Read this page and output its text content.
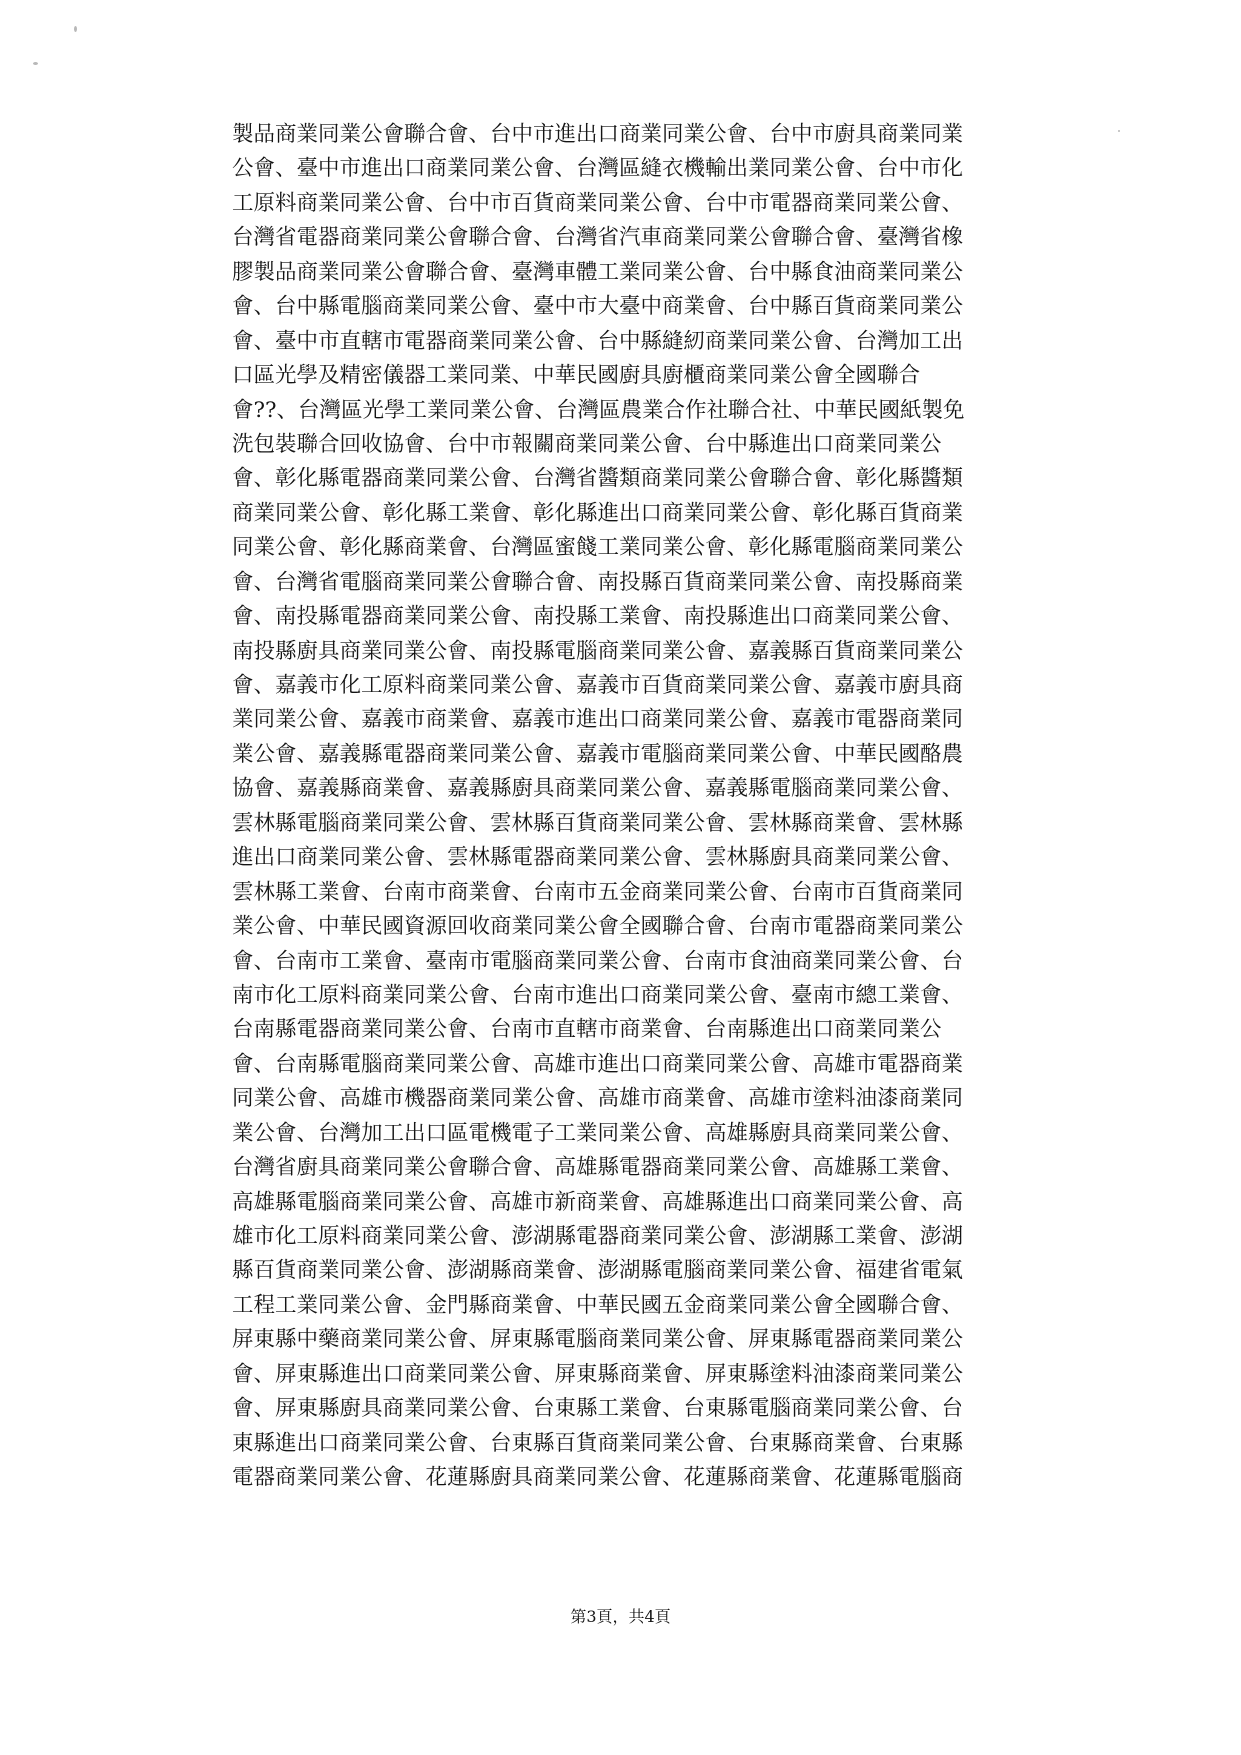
製品商業同業公會聯合會、台中市進出口商業同業公會、台中市廚具商業同業
公會、臺中市進出口商業同業公會、台灣區縫衣機輸出業同業公會、台中市化
工原料商業同業公會、台中市百貨商業同業公會、台中市電器商業同業公會、
台灣省電器商業同業公會聯合會、台灣省汽車商業同業公會聯合會、臺灣省橡
膠製品商業同業公會聯合會、臺灣車體工業同業公會、台中縣食油商業同業公
會、台中縣電腦商業同業公會、臺中市大臺中商業會、台中縣百貨商業同業公
會、臺中市直轄市電器商業同業公會、台中縣縫紉商業同業公會、台灣加工出
口區光學及精密儀器工業同業、中華民國廚具廚櫃商業同業公會全國聯合
會??、台灣區光學工業同業公會、台灣區農業合作社聯合社、中華民國紙製免
洗包裝聯合回收協會、台中市報關商業同業公會、台中縣進出口商業同業公
會、彰化縣電器商業同業公會、台灣省醬類商業同業公會聯合會、彰化縣醬類
商業同業公會、彰化縣工業會、彰化縣進出口商業同業公會、彰化縣百貨商業
同業公會、彰化縣商業會、台灣區蜜餞工業同業公會、彰化縣電腦商業同業公
會、台灣省電腦商業同業公會聯合會、南投縣百貨商業同業公會、南投縣商業
會、南投縣電器商業同業公會、南投縣工業會、南投縣進出口商業同業公會、
南投縣廚具商業同業公會、南投縣電腦商業同業公會、嘉義縣百貨商業同業公
會、嘉義市化工原料商業同業公會、嘉義市百貨商業同業公會、嘉義市廚具商
業同業公會、嘉義市商業會、嘉義市進出口商業同業公會、嘉義市電器商業同
業公會、嘉義縣電器商業同業公會、嘉義市電腦商業同業公會、中華民國酪農
協會、嘉義縣商業會、嘉義縣廚具商業同業公會、嘉義縣電腦商業同業公會、
雲林縣電腦商業同業公會、雲林縣百貨商業同業公會、雲林縣商業會、雲林縣
進出口商業同業公會、雲林縣電器商業同業公會、雲林縣廚具商業同業公會、
雲林縣工業會、台南市商業會、台南市五金商業同業公會、台南市百貨商業同
業公會、中華民國資源回收商業同業公會全國聯合會、台南市電器商業同業公
會、台南市工業會、臺南市電腦商業同業公會、台南市食油商業同業公會、台
南市化工原料商業同業公會、台南市進出口商業同業公會、臺南市總工業會、
台南縣電器商業同業公會、台南市直轄市商業會、台南縣進出口商業同業公
會、台南縣電腦商業同業公會、高雄市進出口商業同業公會、高雄市電器商業
同業公會、高雄市機器商業同業公會、高雄市商業會、高雄市塗料油漆商業同
業公會、台灣加工出口區電機電子工業同業公會、高雄縣廚具商業同業公會、
台灣省廚具商業同業公會聯合會、高雄縣電器商業同業公會、高雄縣工業會、
高雄縣電腦商業同業公會、高雄市新商業會、高雄縣進出口商業同業公會、高
雄市化工原料商業同業公會、澎湖縣電器商業同業公會、澎湖縣工業會、澎湖
縣百貨商業同業公會、澎湖縣商業會、澎湖縣電腦商業同業公會、福建省電氣
工程工業同業公會、金門縣商業會、中華民國五金商業同業公會全國聯合會、
屏東縣中藥商業同業公會、屏東縣電腦商業同業公會、屏東縣電器商業同業公
會、屏東縣進出口商業同業公會、屏東縣商業會、屏東縣塗料油漆商業同業公
會、屏東縣廚具商業同業公會、台東縣工業會、台東縣電腦商業同業公會、台
東縣進出口商業同業公會、台東縣百貨商業同業公會、台東縣商業會、台東縣
電器商業同業公會、花蓮縣廚具商業同業公會、花蓮縣商業會、花蓮縣電腦商
第3頁，共4頁
